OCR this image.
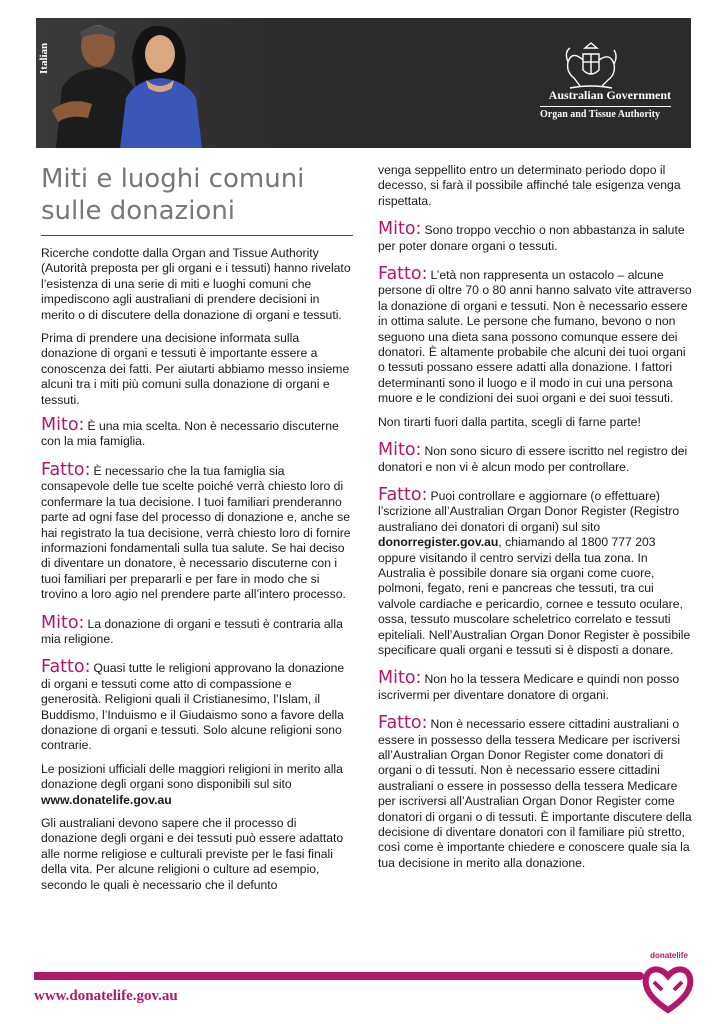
Italian
Australian Government
Organ and Tissue Authority
Miti e luoghi comuni sulle donazioni

Ricerche condotte dalla Organ and Tissue Authority (Autorità preposta per gli organi e i tessuti) hanno rivelato l’esistenza di una serie di miti e luoghi comuni che impediscono agli australiani di prendere decisioni in merito o di discutere della donazione di organi e tessuti.

Prima di prendere una decisione informata sulla donazione di organi e tessuti è importante essere a conoscenza dei fatti. Per aiutarti abbiamo messo insieme alcuni tra i miti più comuni sulla donazione di organi e tessuti.

Mito: È una mia scelta. Non è necessario discuterne con la mia famiglia.

Fatto: È necessario che la tua famiglia sia consapevole delle tue scelte poiché verrà chiesto loro di confermare la tua decisione. I tuoi familiari prenderanno parte ad ogni fase del processo di donazione e, anche se hai registrato la tua decisione, verrà chiesto loro di fornire informazioni fondamentali sulla tua salute. Se hai deciso di diventare un donatore, è necessario discuterne con i tuoi familiari per prepararli e per fare in modo che si trovino a loro agio nel prendere parte all’intero processo.

Mito: La donazione di organi e tessuti è contraria alla mia religione.

Fatto: Quasi tutte le religioni approvano la donazione di organi e tessuti come atto di compassione e generosità. Religioni quali il Cristianesimo, l’Islam, il Buddismo, l’Induismo e il Giudaismo sono a favore della donazione di organi e tessuti. Solo alcune religioni sono contrarie.

Le posizioni ufficiali delle maggiori religioni in merito alla donazione degli organi sono disponibili sul sito
www.donatelife.gov.au

Gli australiani devono sapere che il processo di donazione degli organi e dei tessuti può essere adattato alle norme religiose e culturali previste per le fasi finali della vita. Per alcune religioni o culture ad esempio, secondo le quali è necessario che il defunto

venga seppellito entro un determinato periodo dopo il decesso, si farà il possibile affinché tale esigenza venga rispettata.

Mito: Sono troppo vecchio o non abbastanza in salute per poter donare organi o tessuti.

Fatto: L’età non rappresenta un ostacolo – alcune persone di oltre 70 o 80 anni hanno salvato vite attraverso la donazione di organi e tessuti. Non è necessario essere in ottima salute. Le persone che fumano, bevono o non seguono una dieta sana possono comunque essere dei donatori. È altamente probabile che alcuni dei tuoi organi o tessuti possano essere adatti alla donazione. I fattori determinanti sono il luogo e il modo in cui una persona muore e le condizioni dei suoi organi e dei suoi tessuti.

Non tirarti fuori dalla partita, scegli di farne parte!

Mito: Non sono sicuro di essere iscritto nel registro dei donatori e non vi è alcun modo per controllare.

Fatto: Puoi controllare e aggiornare (o effettuare) l’scrizione all’Australian Organ Donor Register (Registro australiano dei donatori di organi) sul sito donorregister.gov.au, chiamando al 1800 777 203 oppure visitando il centro servizi della tua zona. In Australia è possibile donare sia organi come cuore, polmoni, fegato, reni e pancreas che tessuti, tra cui valvole cardiache e pericardio, cornee e tessuto oculare, ossa, tessuto muscolare scheletrico correlato e tessuti epiteliali. Nell’Australian Organ Donor Register è possibile specificare quali organi e tessuti si è disposti a donare.

Mito: Non ho la tessera Medicare e quindi non posso iscrivermi per diventare donatore di organi.

Fatto: Non è necessario essere cittadini australiani o essere in possesso della tessera Medicare per iscriversi all’Australian Organ Donor Register come donatori di organi o di tessuti. Non è necessario essere cittadini australiani o essere in possesso della tessera Medicare per iscriversi all’Australian Organ Donor Register come donatori di organi o di tessuti. È importante discutere della decisione di diventare donatori con il familiare più stretto, così come è importante chiedere e conoscere quale sia la tua decisione in merito alla donazione.

www.donatelife.gov.au
donatelife
